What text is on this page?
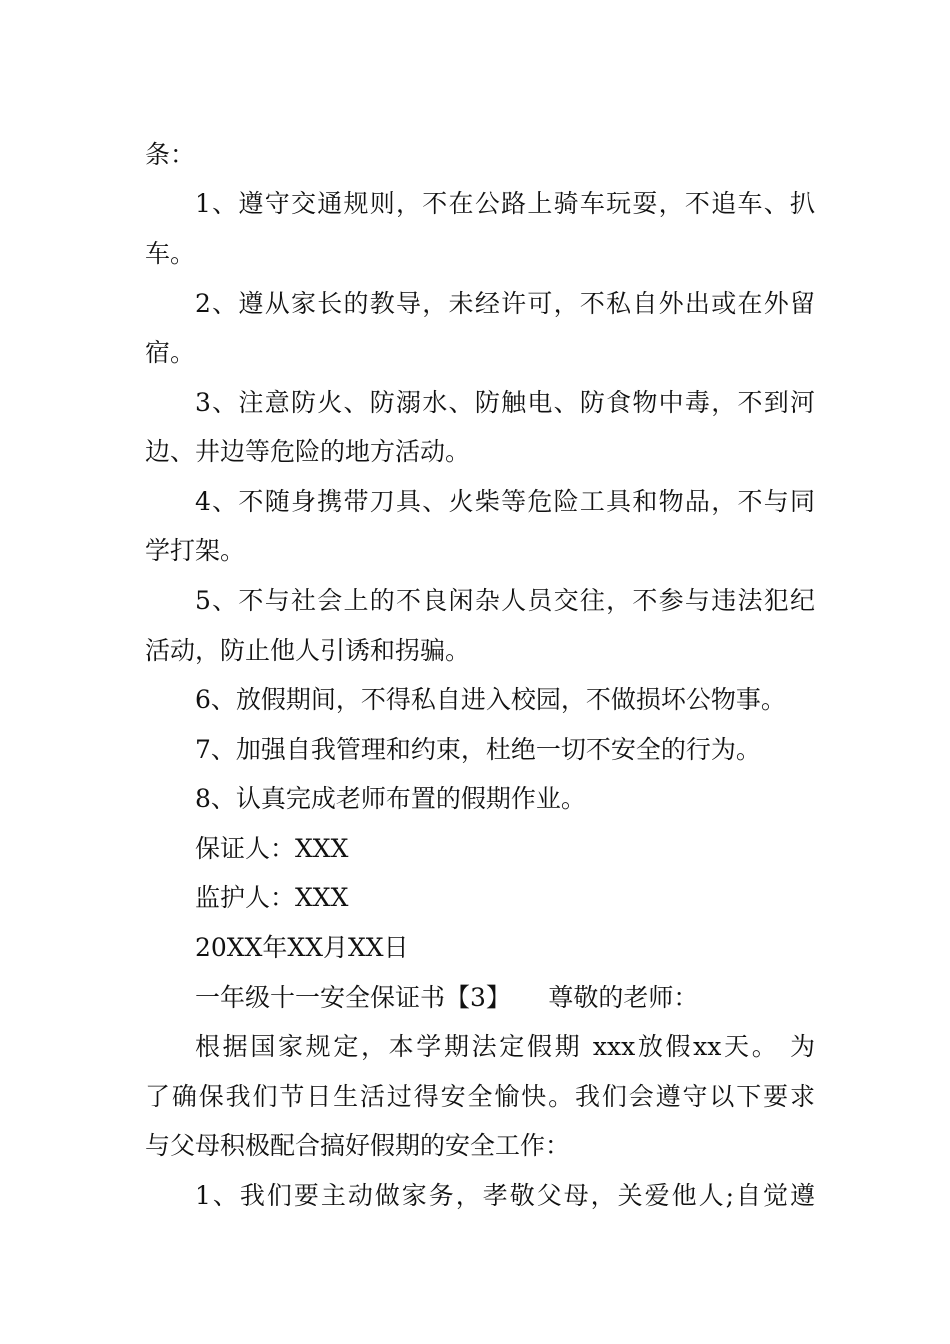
条：
1、遵守交通规则，不在公路上骑车玩耍，不追车、扒
车。
2、遵从家长的教导，未经许可，不私自外出或在外留
宿。
3、注意防火、防溺水、防触电、防食物中毒，不到河
边、井边等危险的地方活动。
4、不随身携带刀具、火柴等危险工具和物品，不与同
学打架。
5、不与社会上的不良闲杂人员交往，不参与违法犯纪
活动，防止他人引诱和拐骗。
6、放假期间，不得私自进入校园，不做损坏公物事。
7、加强自我管理和约束，杜绝一切不安全的行为。
8、认真完成老师布置的假期作业。
保证人：XXX
监护人：XXX
20XX年XX月XX日
一年级十一安全保证书【3】　　尊敬的老师：
根据国家规定，本学期法定假期 xxx放假xx天。 为
了确保我们节日生活过得安全愉快。我们会遵守以下要求
与父母积极配合搞好假期的安全工作：
1、我们要主动做家务，孝敬父母，关爱他人;自觉遵
